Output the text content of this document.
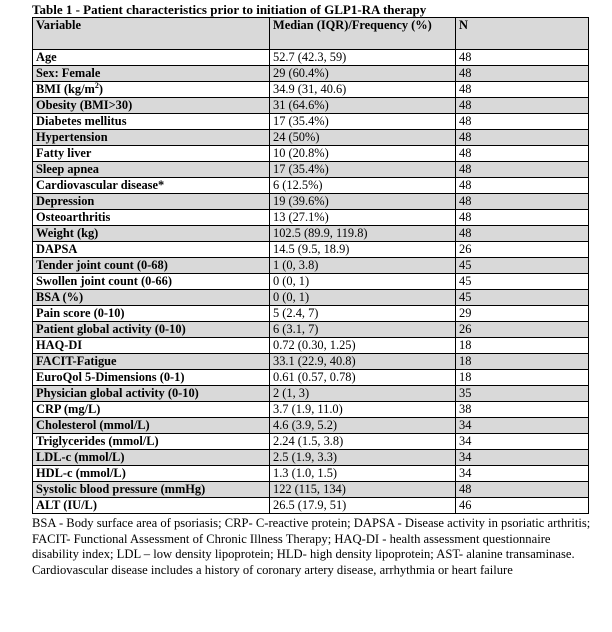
Table 1 - Patient characteristics prior to initiation of GLP1-RA therapy
Variable	Median (IQR)/Frequency (%)	N
Age	52.7 (42.3, 59)	48
Sex: Female	29 (60.4%)	48
BMI $(kg/m^2)$	34.9 (31, 40.6)	48
Obesity (BMI>30)	31 (64.6%)	48
Diabetes mellitus	17 (35.4%)	48
Hypertension	24 (50%)	48
Fatty liver	10 (20.8%)	48
Sleep apnea	17 (35.4%)	48
Cardiovascular disease*	6 (12.5%)	48
Depression	19 (39.6%)	48
Osteoarthritis	13 (27.1%)	48
Weight (kg)	102.5 (89.9, 119.8)	48
DAPSA	14.5 (9.5, 18.9)	26
Tender joint count (0-68)	1 (0, 3.8)	45
Swollen joint count (0-66)	0 (0, 1)	45
BSA (%)	0 (0, 1)	45
Pain score (0-10)	5 (2.4, 7)	29
Patient global activity (0-10)	6 (3.1, 7)	26
HAQ-DI	0.72 (0.30, 1.25)	18
FACIT-Fatigue	33.1 (22.9, 40.8)	18
EuroQol 5-Dimensions (0-1)	0.61 (0.57, 0.78)	18
Physician global activity (0-10)	2 (1, 3)	35
CRP (mg/L)	3.7 (1.9, 11.0)	38
Cholesterol (mmol/L)	4.6 (3.9, 5.2)	34
Triglycerides (mmol/L)	2.24 (1.5, 3.8)	34
LDL-c (mmol/L)	2.5 (1.9, 3.3)	34
HDL-c (mmol/L)	1.3 (1.0, 1.5)	34
Systolic blood pressure (mmHg)	122 (115, 134)	48
ALT (IU/L)	26.5 (17.9, 51)	46
BSA - Body surface area of psoriasis; CRP- C-reactive protein; DAPSA - Disease activity in psoriatic arthritis; FACIT- Functional Assessment of Chronic Illness Therapy; HAQ-DI - health assessment questionnaire disability index; LDL – low density lipoprotein; HLD- high density lipoprotein; AST- alanine transaminase. Cardiovascular disease includes a history of coronary artery disease, arrhythmia or heart failure
